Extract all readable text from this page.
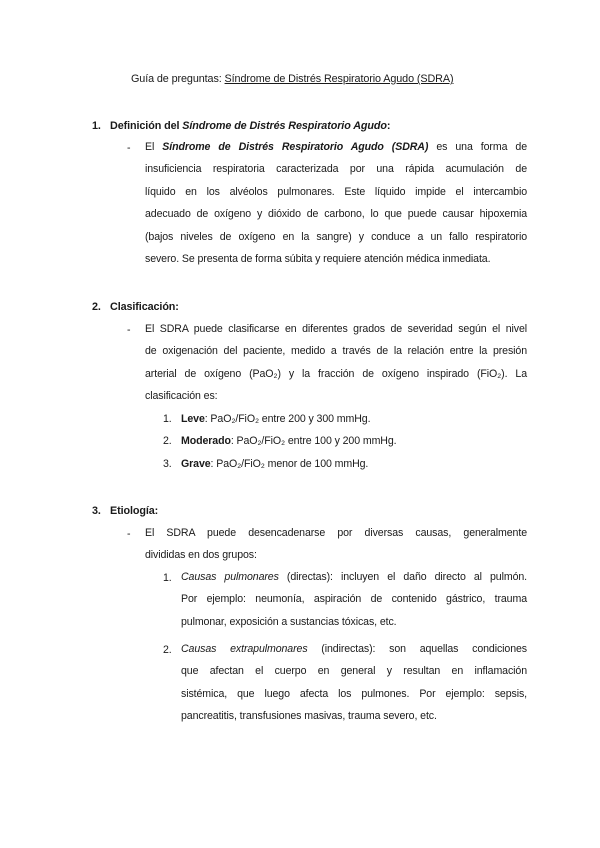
Guía de preguntas: Síndrome de Distrés Respiratorio Agudo (SDRA)
1. Definición del Síndrome de Distrés Respiratorio Agudo:
- El Síndrome de Distrés Respiratorio Agudo (SDRA) es una forma de
insuficiencia respiratoria caracterizada por una rápida acumulación de
líquido en los alvéolos pulmonares. Este líquido impide el intercambio
adecuado de oxígeno y dióxido de carbono, lo que puede causar hipoxemia
(bajos niveles de oxígeno en la sangre) y conduce a un fallo respiratorio
severo. Se presenta de forma súbita y requiere atención médica inmediata.
2. Clasificación:
- El SDRA puede clasificarse en diferentes grados de severidad según el nivel
de oxigenación del paciente, medido a través de la relación entre la presión
arterial de oxígeno (PaO₂) y la fracción de oxígeno inspirado (FiO₂). La
clasificación es:
1. Leve: PaO₂/FiO₂ entre 200 y 300 mmHg.
2. Moderado: PaO₂/FiO₂ entre 100 y 200 mmHg.
3. Grave: PaO₂/FiO₂ menor de 100 mmHg.
3. Etiología:
- El SDRA puede desencadenarse por diversas causas, generalmente
divididas en dos grupos:
1. Causas pulmonares (directas): incluyen el daño directo al pulmón.
Por ejemplo: neumonía, aspiración de contenido gástrico, trauma
pulmonar, exposición a sustancias tóxicas, etc.
2. Causas extrapulmonares (indirectas): son aquellas condiciones
que afectan el cuerpo en general y resultan en inflamación
sistémica, que luego afecta los pulmones. Por ejemplo: sepsis,
pancreatitis, transfusiones masivas, trauma severo, etc.
